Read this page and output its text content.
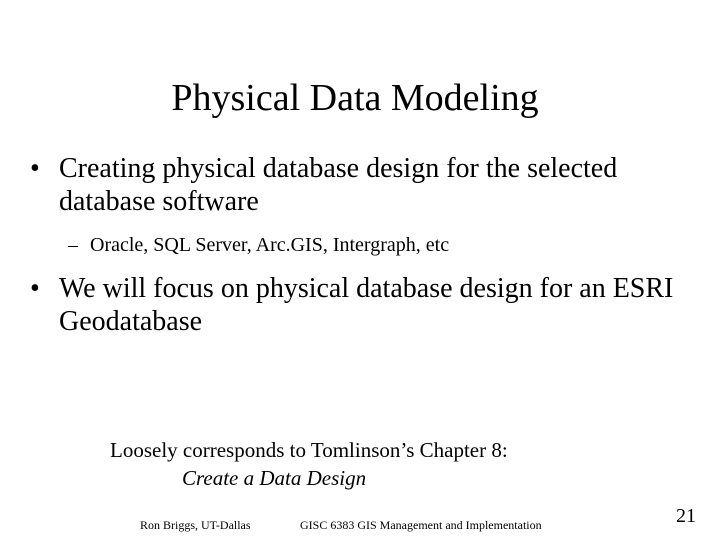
Physical Data Modeling
• Creating physical database design for the selected database software
– Oracle, SQL Server, Arc.GIS, Intergraph, etc
• We will focus on physical database design for an ESRI Geodatabase
Loosely corresponds to Tomlinson’s Chapter 8:
Create a Data Design
Ron Briggs, UT-Dallas	GISC 6383 GIS Management and Implementation	21
